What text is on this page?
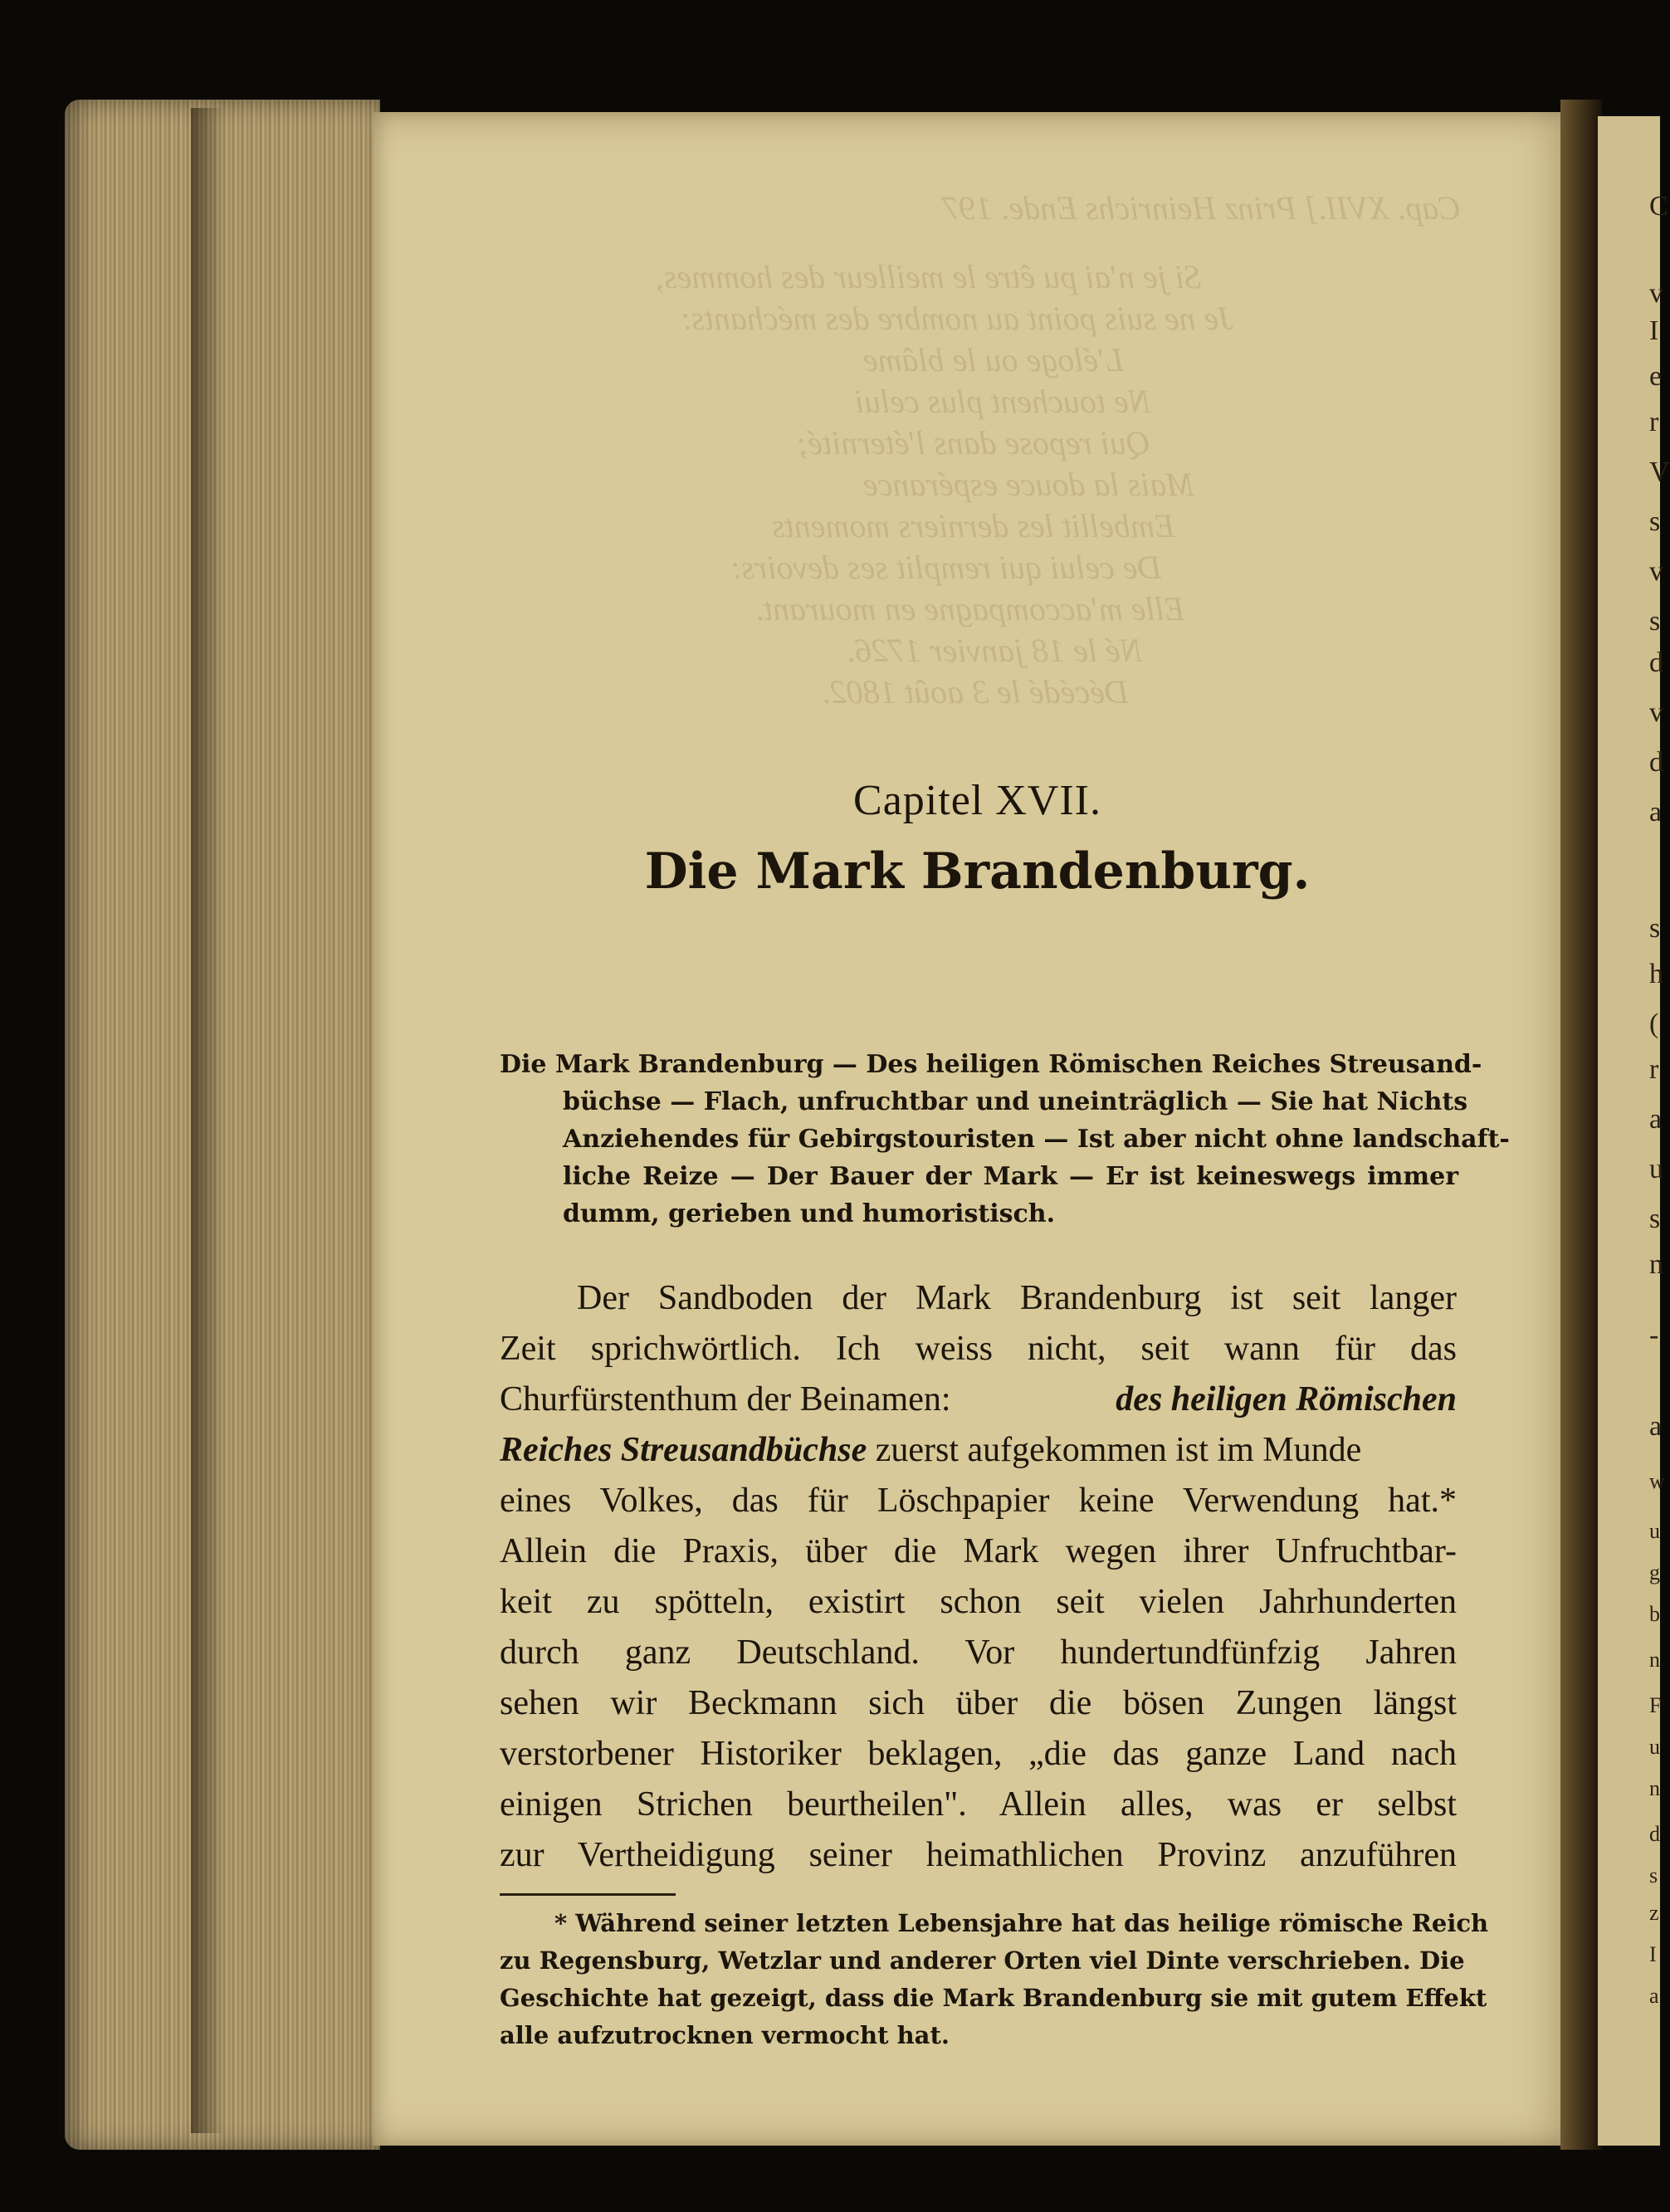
Cap. XVII.] Prinz Heinrichs Ende. 197
Si je n'ai pu être le meilleur des hommes,
Je ne suis point au nombre des méchants:
L'éloge ou le blâme
Ne touchent plus celui
Qui repose dans l'éternité;
Mais la douce espérance
Embellit les derniers moments
De celui qui remplit ses devoirs:
Elle m'accompagne en mourant.
Né le 18 janvier 1726.
Décédé le 3 août 1802.
Capitel XVII.
Die Mark Brandenburg.
Die Mark Brandenburg — Des heiligen Römischen Reiches Streusand-
büchse — Flach, unfruchtbar und uneinträglich — Sie hat Nichts
Anziehendes für Gebirgstouristen — Ist aber nicht ohne landschaft-
liche Reize — Der Bauer der Mark — Er ist keineswegs immer
dumm, gerieben und humoristisch.
Der Sandboden der Mark Brandenburg ist seit langer
Zeit sprichwörtlich. Ich weiss nicht, seit wann für das
Churfürstenthum der Beinamen:	des heiligen Römischen
Reiches Streusandbüchse zuerst aufgekommen ist im Munde
eines Volkes, das für Löschpapier keine Verwendung hat.*
Allein die Praxis, über die Mark wegen ihrer Unfruchtbar-
keit zu spötteln, existirt schon seit vielen Jahrhunderten
durch ganz Deutschland. Vor hundertundfünfzig Jahren
sehen wir Beckmann sich über die bösen Zungen längst
verstorbener Historiker beklagen, „die das ganze Land nach
einigen Strichen beurtheilen". Allein alles, was er selbst
zur Vertheidigung seiner heimathlichen Provinz anzuführen
* Während seiner letzten Lebensjahre hat das heilige römische Reich
zu Regensburg, Wetzlar und anderer Orten viel Dinte verschrieben. Die
Geschichte hat gezeigt, dass die Mark Brandenburg sie mit gutem Effekt
alle aufzutrocknen vermocht hat.
C
v
I
e
r
V
s
v
s
d
v
d
a
s
h
(
r
a
u
s
n
-
a
w
u
g
b
n
F
u
n
d
s
z
I
a
